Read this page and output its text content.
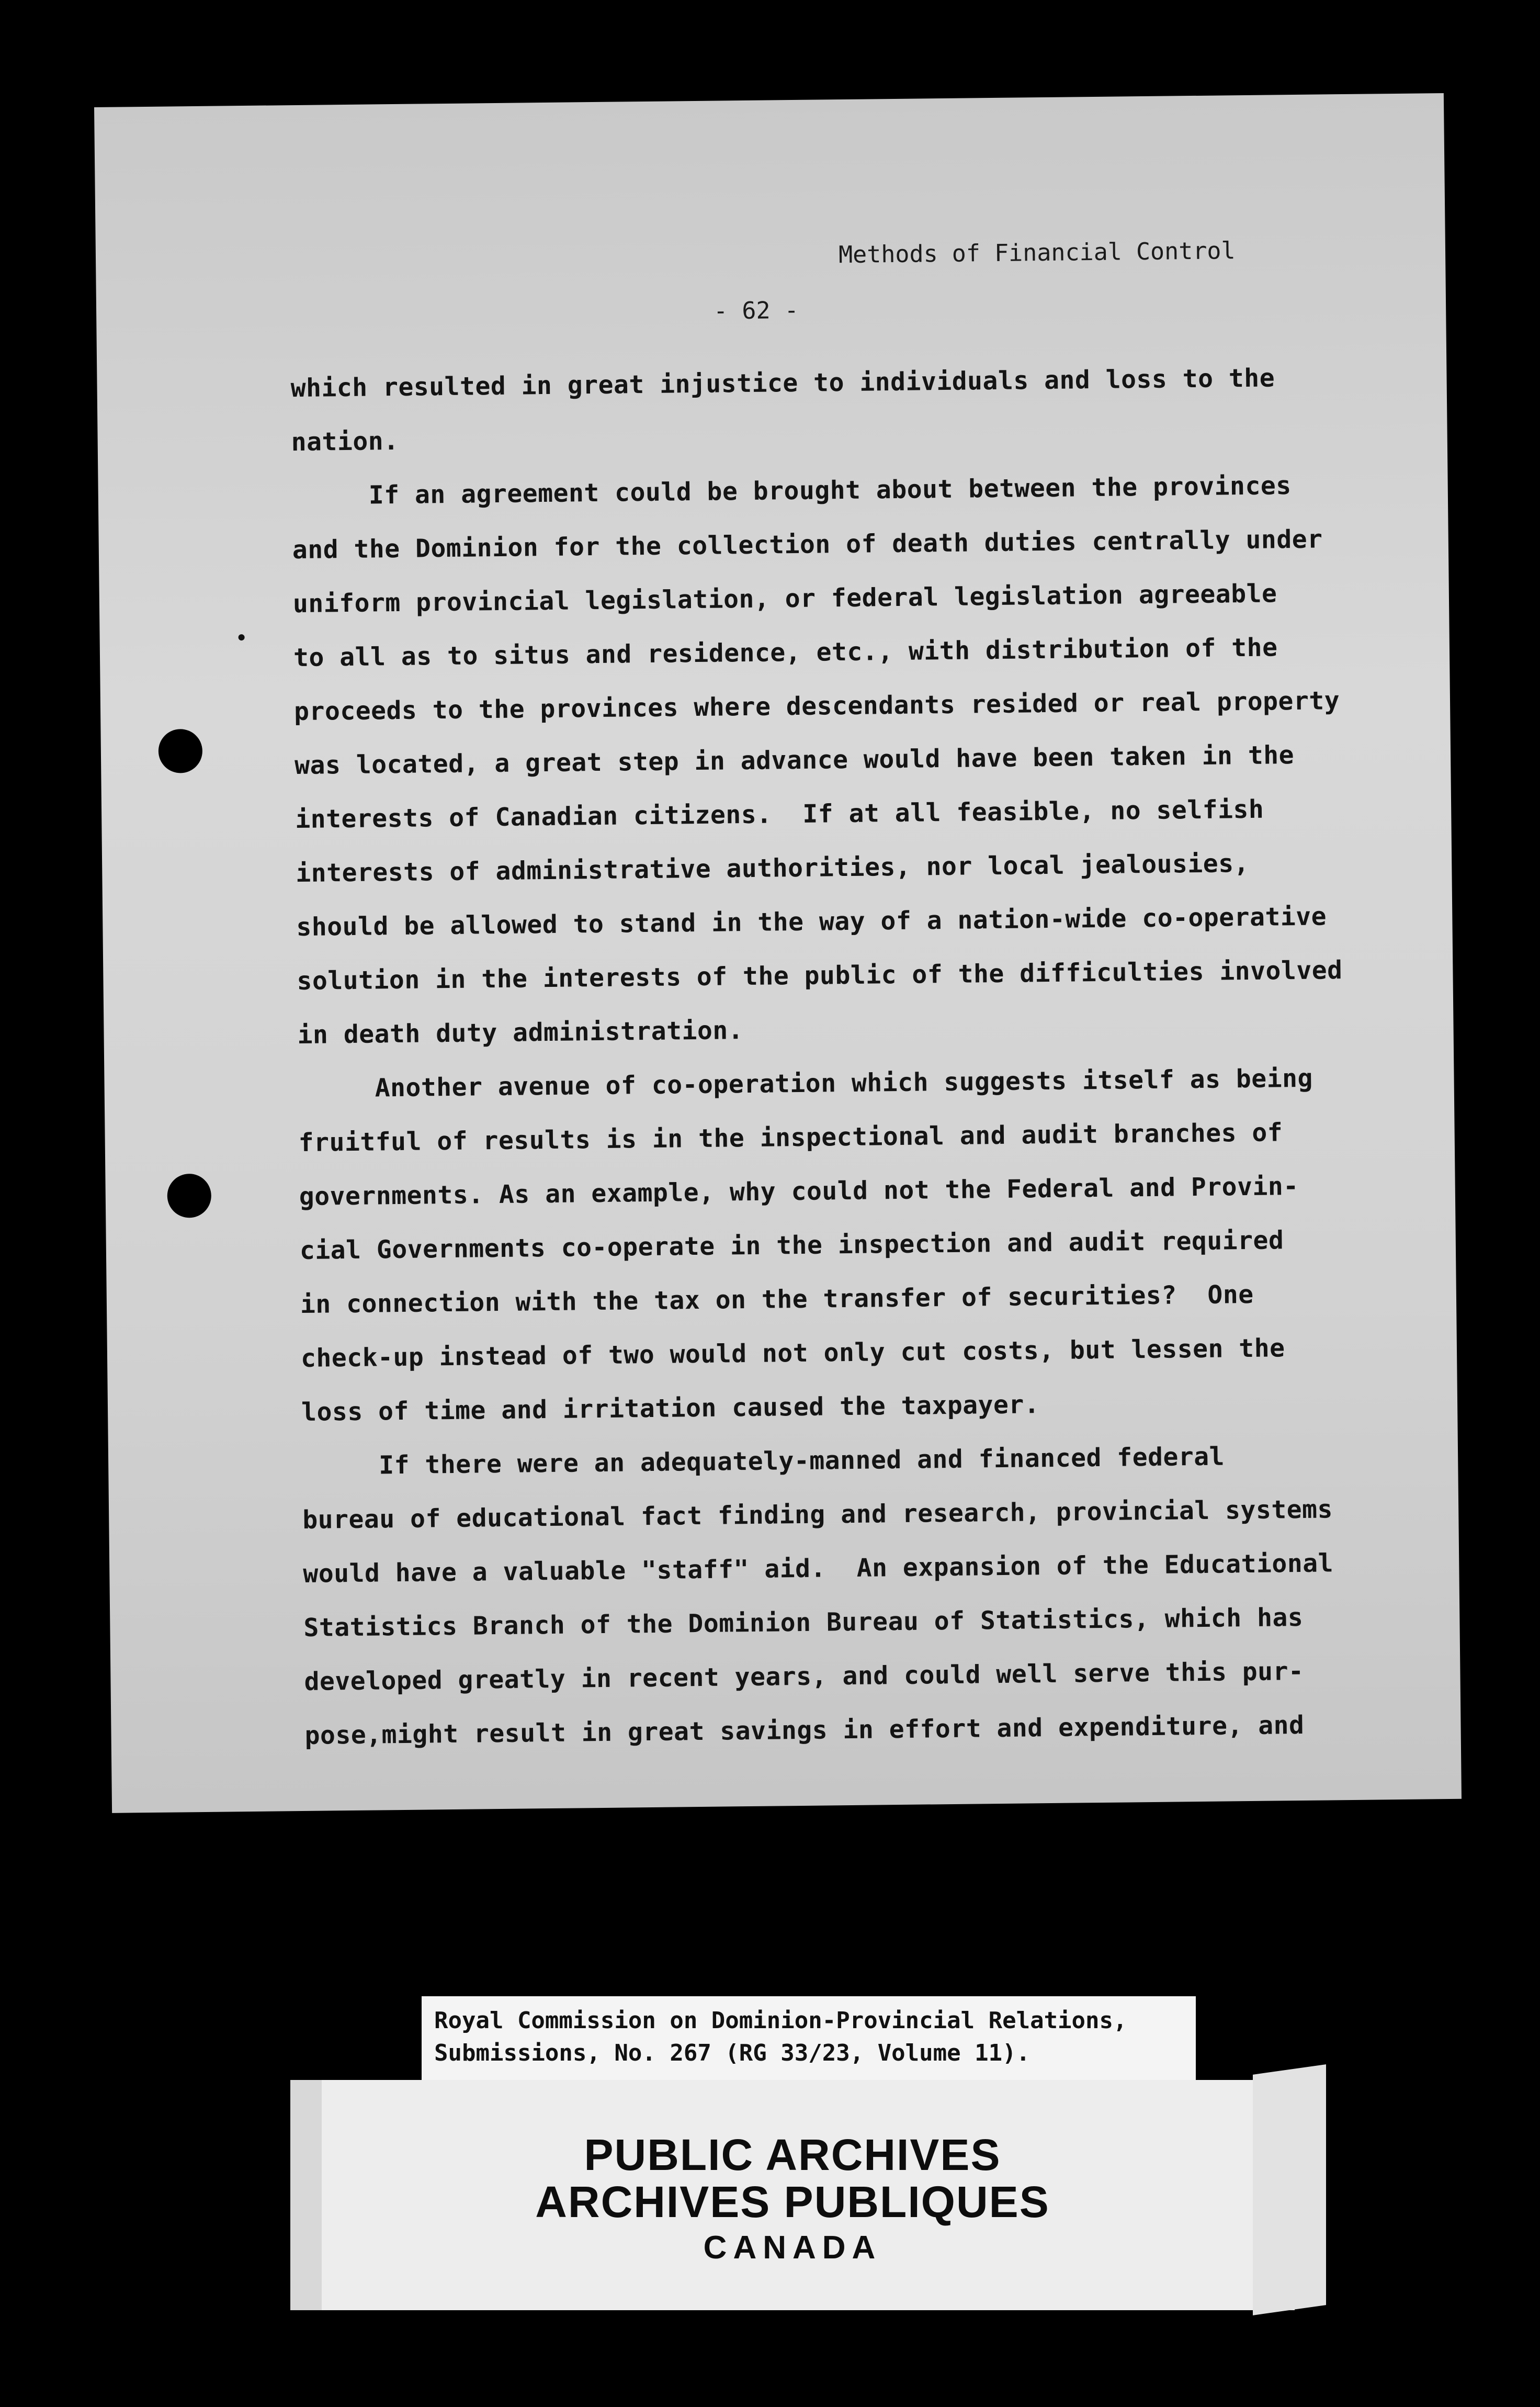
Methods of Financial Control
- 62 -
which resulted in great injustice to individuals and loss to the
nation.
If an agreement could be brought about between the provinces
and the Dominion for the collection of death duties centrally under
uniform provincial legislation, or federal legislation agreeable
to all as to situs and residence, etc., with distribution of the
proceeds to the provinces where descendants resided or real property
was located, a great step in advance would have been taken in the
interests of Canadian citizens.  If at all feasible, no selfish
interests of administrative authorities, nor local jealousies,
should be allowed to stand in the way of a nation-wide co-operative
solution in the interests of the public of the difficulties involved
in death duty administration.
Another avenue of co-operation which suggests itself as being
fruitful of results is in the inspectional and audit branches of
governments. As an example, why could not the Federal and Provin-
cial Governments co-operate in the inspection and audit required
in connection with the tax on the transfer of securities?  One
check-up instead of two would not only cut costs, but lessen the
loss of time and irritation caused the taxpayer.
If there were an adequately-manned and financed federal
bureau of educational fact finding and research, provincial systems
would have a valuable "staff" aid.  An expansion of the Educational
Statistics Branch of the Dominion Bureau of Statistics, which has
developed greatly in recent years, and could well serve this pur-
pose,might result in great savings in effort and expenditure, and
Royal Commission on Dominion-Provincial Relations,
Submissions, No. 267 (RG 33/23, Volume 11).
PUBLIC ARCHIVES
ARCHIVES PUBLIQUES
CANADA
